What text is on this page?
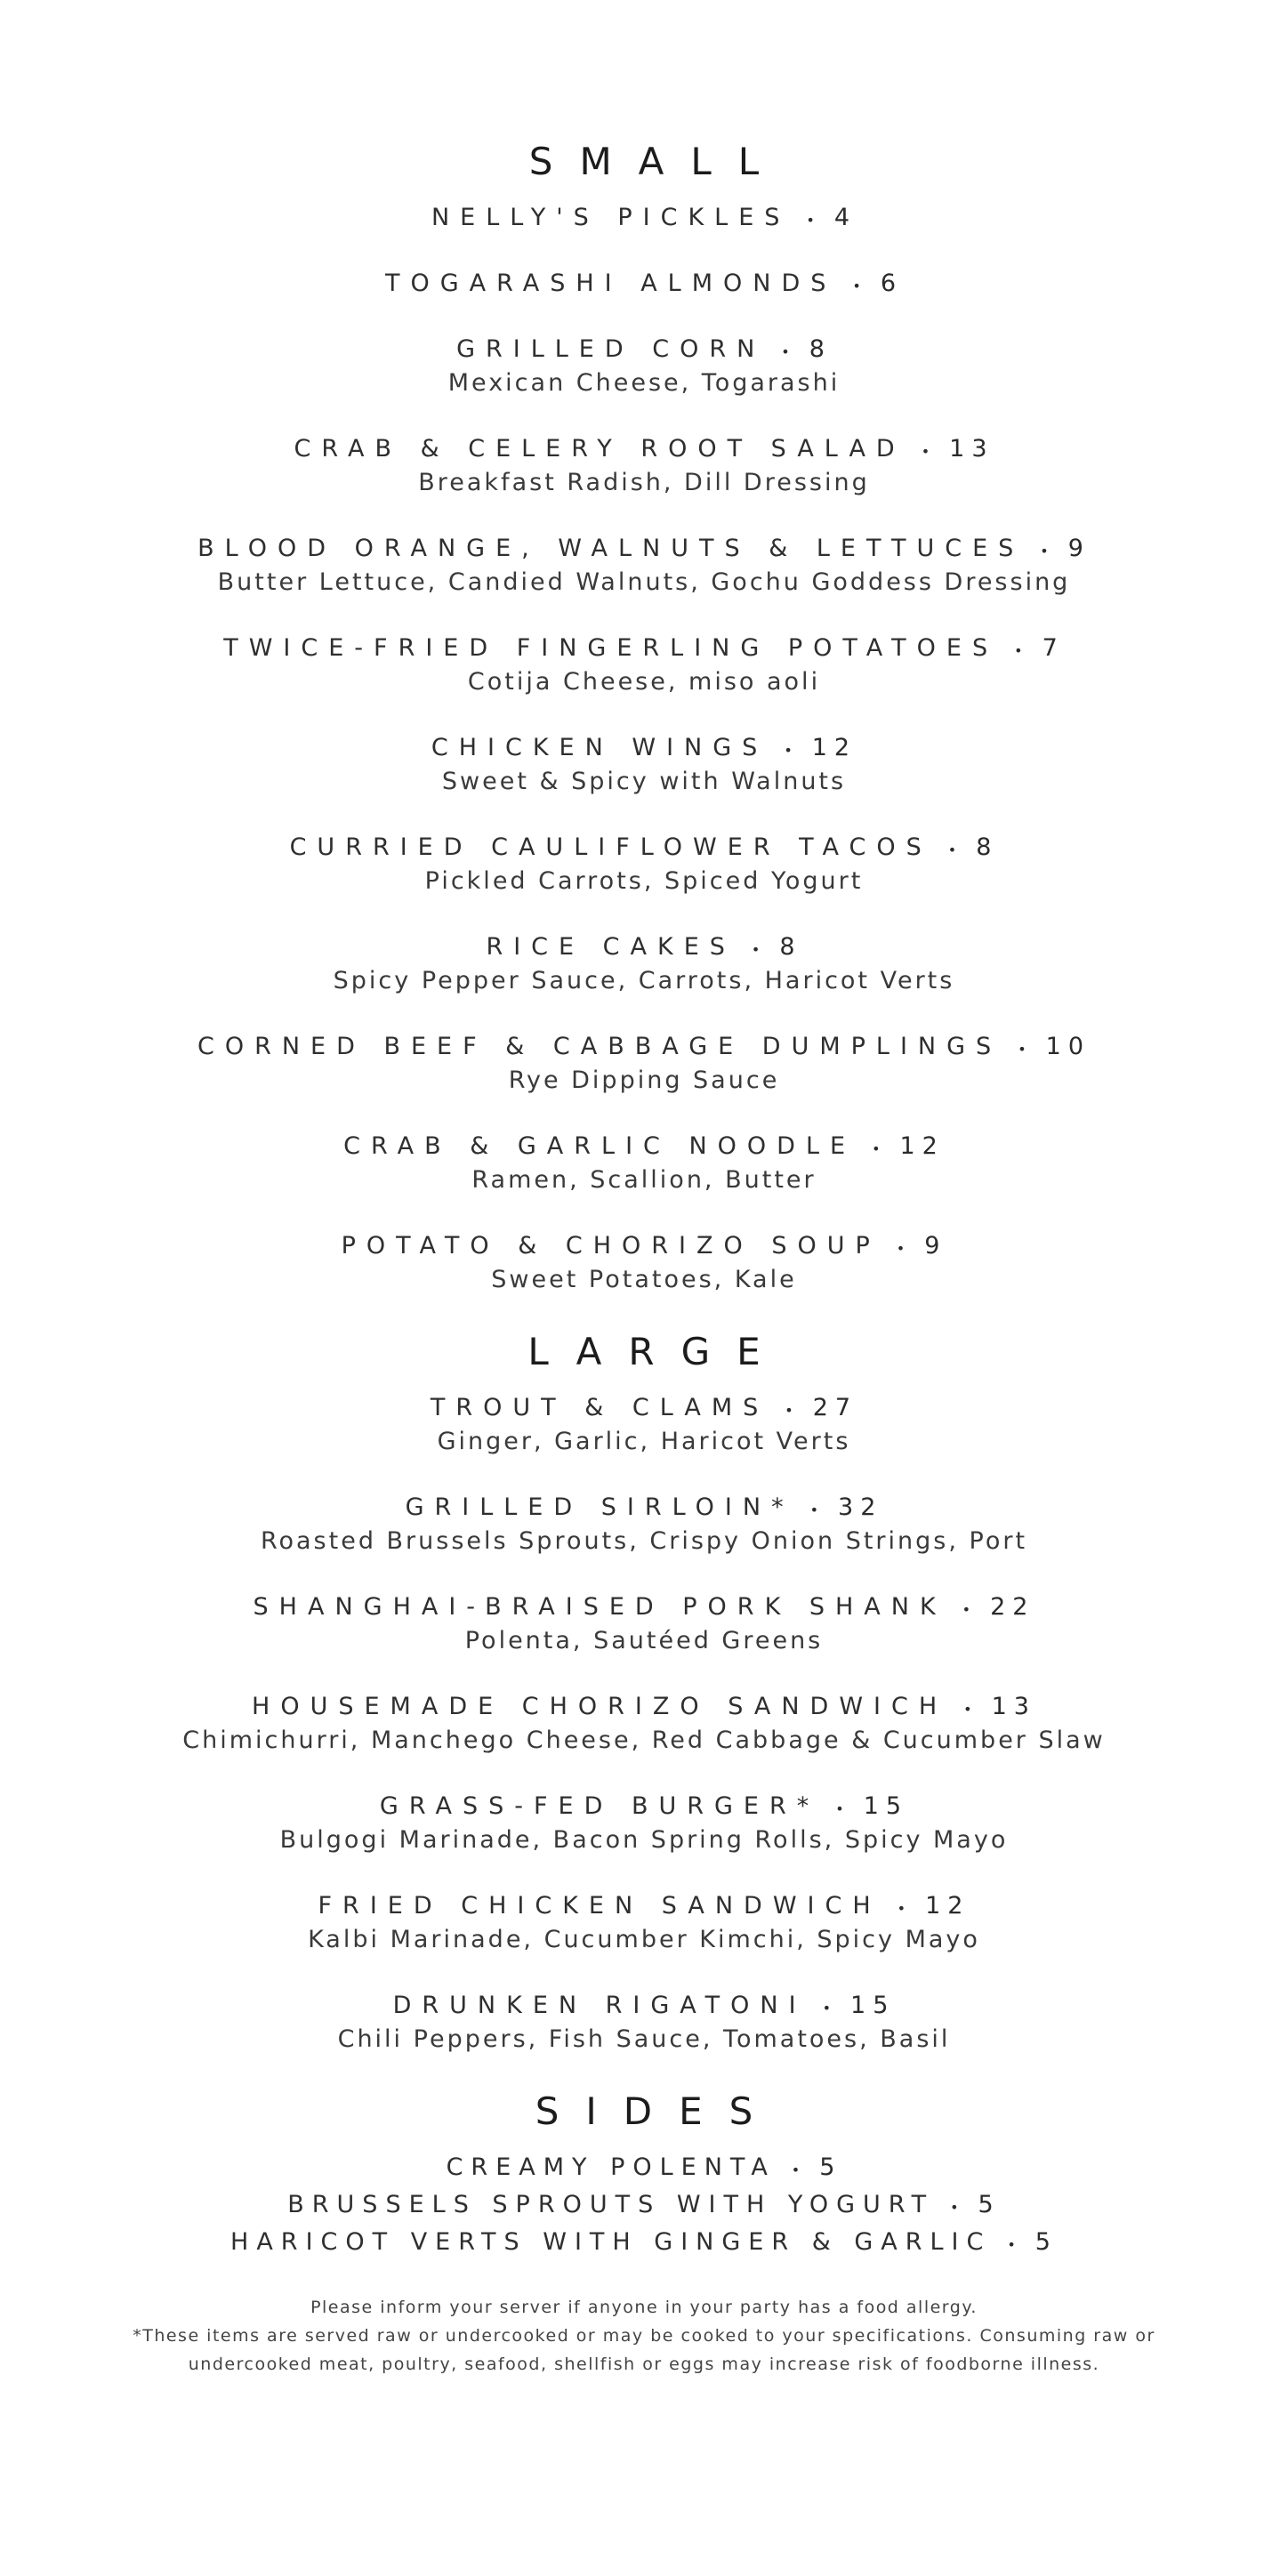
SMALL
NELLY'S PICKLES • 4
TOGARASHI ALMONDS • 6
GRILLED CORN • 8
Mexican Cheese, Togarashi
CRAB & CELERY ROOT SALAD • 13
Breakfast Radish, Dill Dressing
BLOOD ORANGE, WALNUTS & LETTUCES • 9
Butter Lettuce, Candied Walnuts, Gochu Goddess Dressing
TWICE-FRIED FINGERLING POTATOES • 7
Cotija Cheese, miso aoli
CHICKEN WINGS • 12
Sweet & Spicy with Walnuts
CURRIED CAULIFLOWER TACOS • 8
Pickled Carrots, Spiced Yogurt
RICE CAKES • 8
Spicy Pepper Sauce, Carrots, Haricot Verts
CORNED BEEF & CABBAGE DUMPLINGS • 10
Rye Dipping Sauce
CRAB & GARLIC NOODLE • 12
Ramen, Scallion, Butter
POTATO & CHORIZO SOUP • 9
Sweet Potatoes, Kale
LARGE
TROUT & CLAMS • 27
Ginger, Garlic, Haricot Verts
GRILLED SIRLOIN* • 32
Roasted Brussels Sprouts, Crispy Onion Strings, Port
SHANGHAI-BRAISED PORK SHANK • 22
Polenta, Sautéed Greens
HOUSEMADE CHORIZO SANDWICH • 13
Chimichurri, Manchego Cheese, Red Cabbage & Cucumber Slaw
GRASS-FED BURGER* • 15
Bulgogi Marinade, Bacon Spring Rolls, Spicy Mayo
FRIED CHICKEN SANDWICH • 12
Kalbi Marinade, Cucumber Kimchi, Spicy Mayo
DRUNKEN RIGATONI • 15
Chili Peppers, Fish Sauce, Tomatoes, Basil
SIDES
CREAMY POLENTA • 5
BRUSSELS SPROUTS WITH YOGURT • 5
HARICOT VERTS WITH GINGER & GARLIC • 5

Please inform your server if anyone in your party has a food allergy.

*These items are served raw or undercooked or may be cooked to your specifications. Consuming raw or

undercooked meat, poultry, seafood, shellfish or eggs may increase risk of foodborne illness.
